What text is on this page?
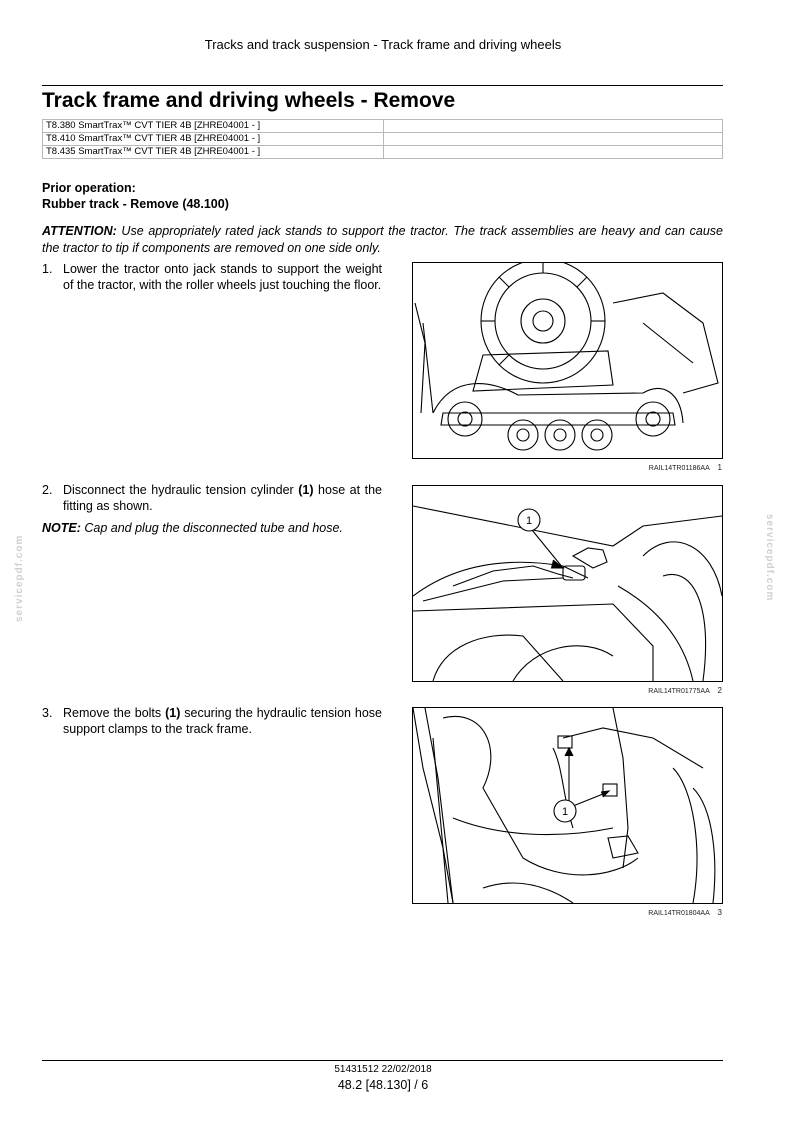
Tracks and track suspension - Track frame and driving wheels
Track frame and driving wheels - Remove
T8.380 SmartTrax™ CVT TIER 4B [ZHRE04001 - ]	
T8.410 SmartTrax™ CVT TIER 4B [ZHRE04001 - ]	
T8.435 SmartTrax™ CVT TIER 4B [ZHRE04001 - ]	
Prior operation:
Rubber track - Remove (48.100)
ATTENTION: Use appropriately rated jack stands to support the tractor. The track assemblies are heavy and can cause the tractor to tip if components are removed on one side only.
1. Lower the tractor onto jack stands to support the weight of the tractor, with the roller wheels just touching the floor.
RAIL14TR01186AA 1
2. Disconnect the hydraulic tension cylinder (1) hose at the fitting as shown.
NOTE: Cap and plug the disconnected tube and hose.	1
RAIL14TR01775AA 2
3. Remove the bolts (1) securing the hydraulic tension hose support clamps to the track frame.
1
RAIL14TR01804AA 3
servicepdf.com	servicepdf.com
51431512 22/02/2018
48.2 [48.130] / 6
